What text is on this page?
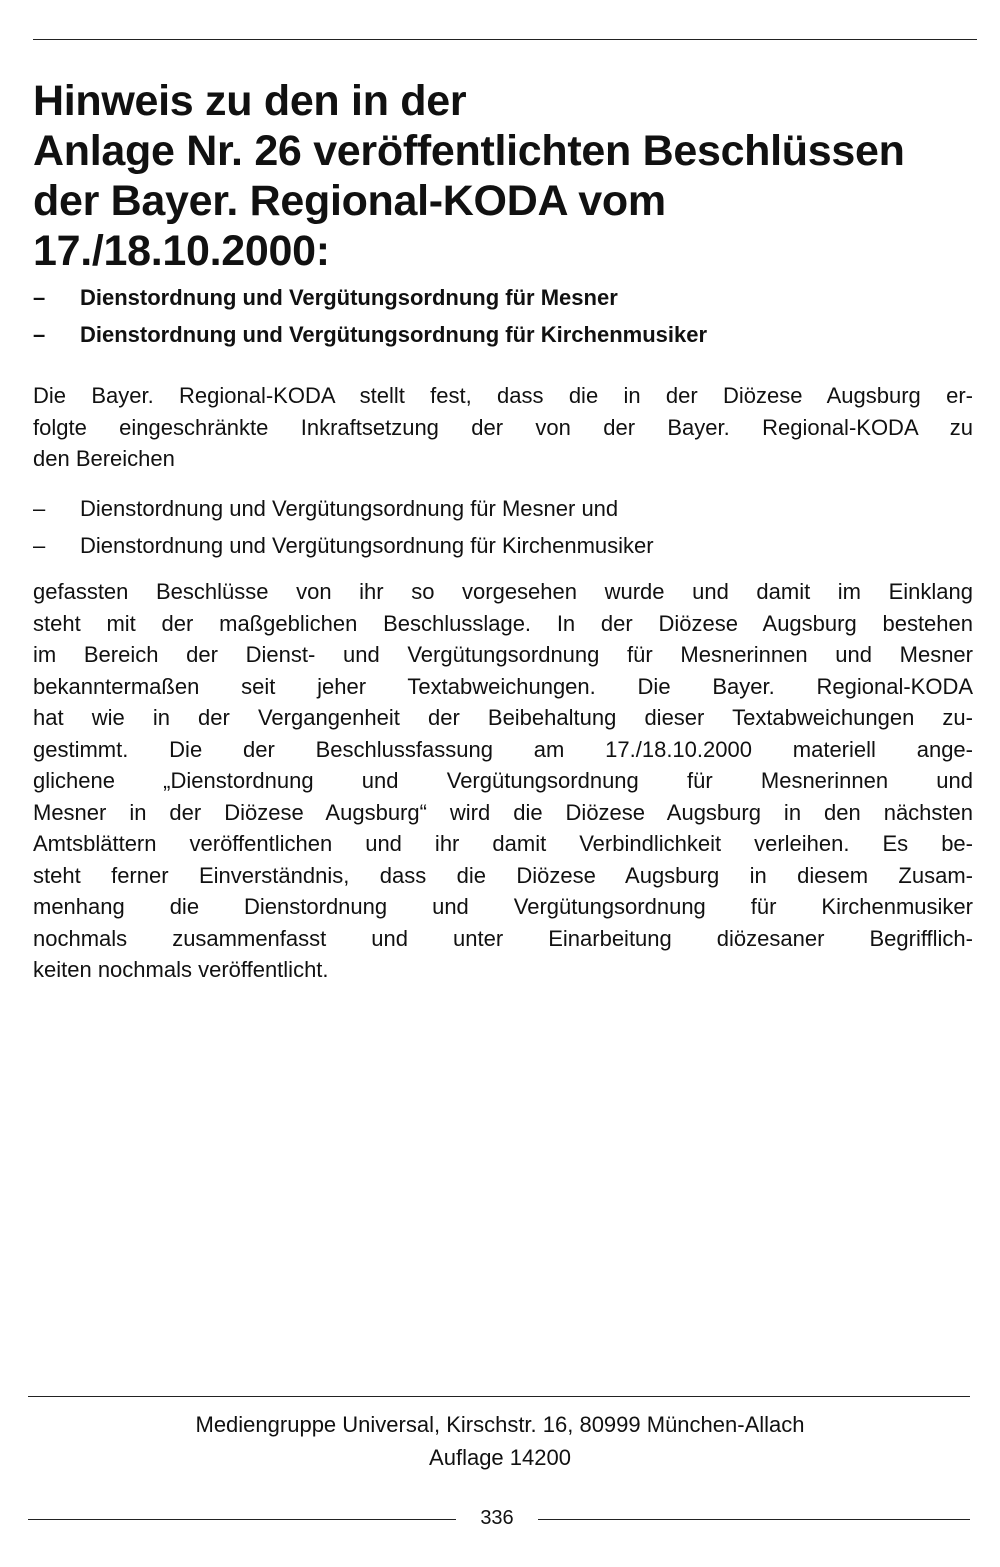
Hinweis zu den in der
Anlage Nr. 26 veröffentlichten Beschlüssen
der Bayer. Regional-KODA vom
17./18.10.2000:
–	Dienstordnung und Vergütungsordnung für Mesner
–	Dienstordnung und Vergütungsordnung für Kirchenmusiker
Die Bayer. Regional-KODA stellt fest, dass die in der Diözese Augsburg er-
folgte eingeschränkte Inkraftsetzung der von der Bayer. Regional-KODA zu
den Bereichen
–	Dienstordnung und Vergütungsordnung für Mesner und
–	Dienstordnung und Vergütungsordnung für Kirchenmusiker
gefassten Beschlüsse von ihr so vorgesehen wurde und damit im Einklang
steht mit der maßgeblichen Beschlusslage. In der Diözese Augsburg bestehen
im Bereich der Dienst- und Vergütungsordnung für Mesnerinnen und Mesner
bekanntermaßen seit jeher Textabweichungen. Die Bayer. Regional-KODA
hat wie in der Vergangenheit der Beibehaltung dieser Textabweichungen zu-
gestimmt. Die der Beschlussfassung am 17./18.10.2000 materiell ange-
glichene „Dienstordnung und Vergütungsordnung für Mesnerinnen und
Mesner in der Diözese Augsburg“ wird die Diözese Augsburg in den nächsten
Amtsblättern veröffentlichen und ihr damit Verbindlichkeit verleihen. Es be-
steht ferner Einverständnis, dass die Diözese Augsburg in diesem Zusam-
menhang die Dienstordnung und Vergütungsordnung für Kirchenmusiker
nochmals zusammenfasst und unter Einarbeitung diözesaner Begrifflich-
keiten nochmals veröffentlicht.
Mediengruppe Universal, Kirschstr. 16, 80999 München-Allach
Auflage 14200
336
